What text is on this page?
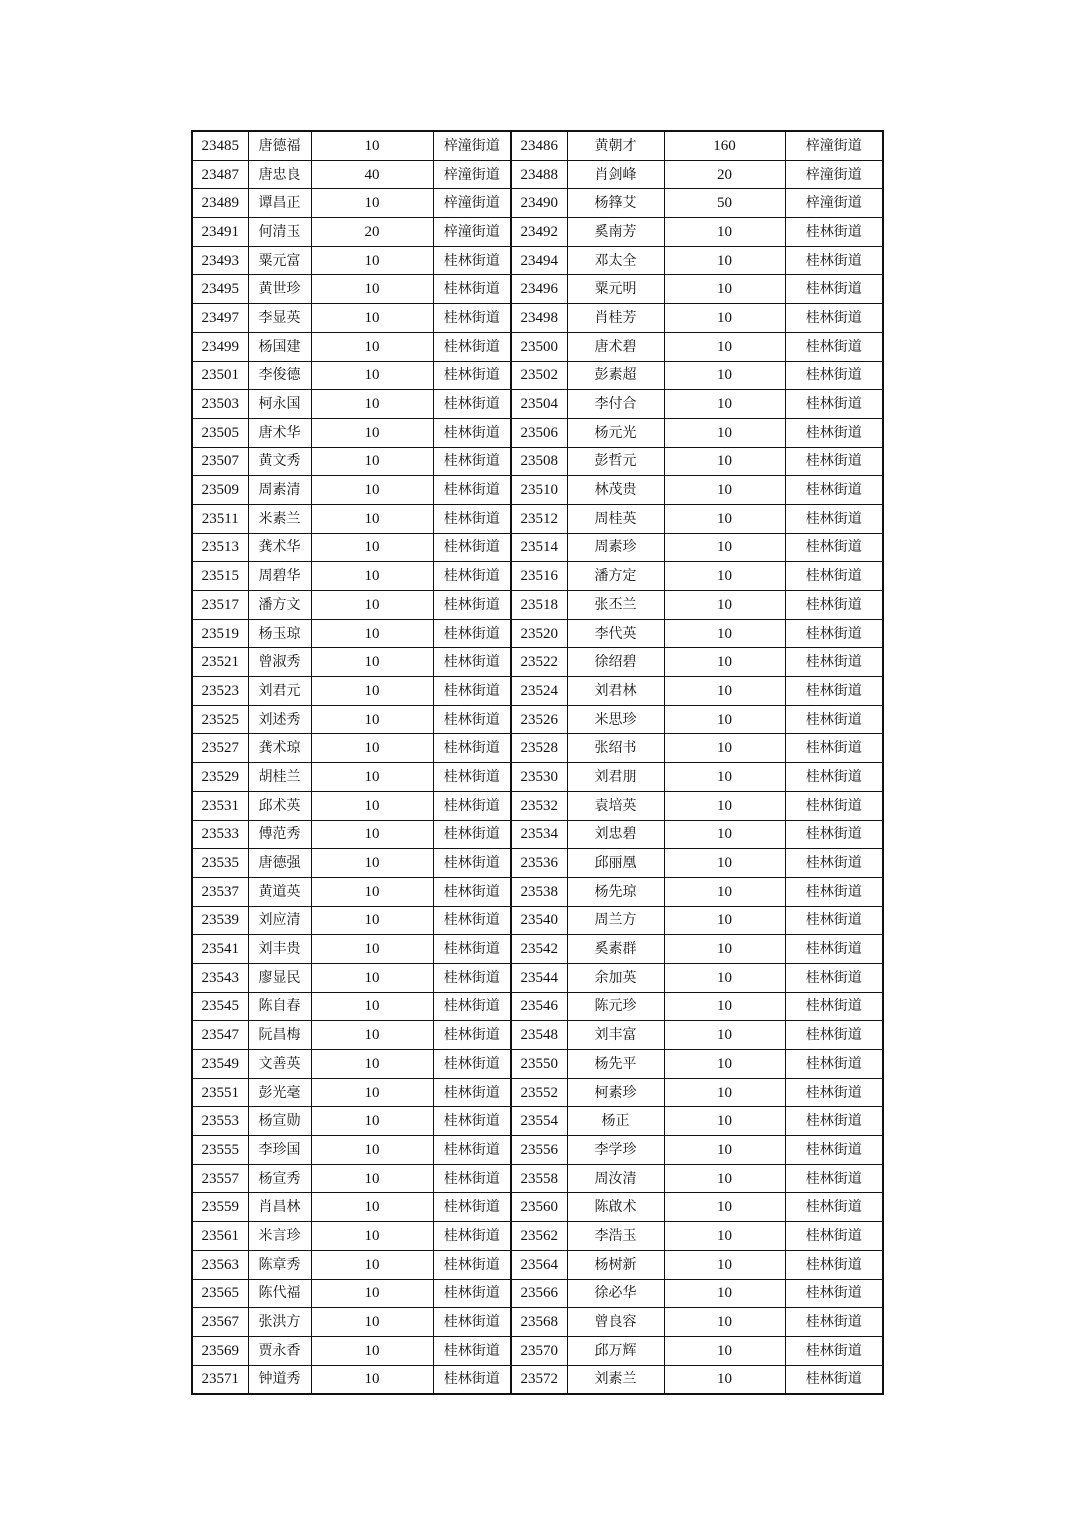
23485	唐德福	10	梓潼街道	23486	黄朝才	160	梓潼街道
23487	唐忠良	40	梓潼街道	23488	肖剑峰	20	梓潼街道
23489	谭昌正	10	梓潼街道	23490	杨箨艾	50	梓潼街道
23491	何清玉	20	梓潼街道	23492	奚南芳	10	桂林街道
23493	粟元富	10	桂林街道	23494	邓太全	10	桂林街道
23495	黄世珍	10	桂林街道	23496	粟元明	10	桂林街道
23497	李显英	10	桂林街道	23498	肖桂芳	10	桂林街道
23499	杨国建	10	桂林街道	23500	唐术碧	10	桂林街道
23501	李俊德	10	桂林街道	23502	彭素超	10	桂林街道
23503	柯永国	10	桂林街道	23504	李付合	10	桂林街道
23505	唐术华	10	桂林街道	23506	杨元光	10	桂林街道
23507	黄文秀	10	桂林街道	23508	彭哲元	10	桂林街道
23509	周素清	10	桂林街道	23510	林茂贵	10	桂林街道
23511	米素兰	10	桂林街道	23512	周桂英	10	桂林街道
23513	龚术华	10	桂林街道	23514	周素珍	10	桂林街道
23515	周碧华	10	桂林街道	23516	潘方定	10	桂林街道
23517	潘方文	10	桂林街道	23518	张丕兰	10	桂林街道
23519	杨玉琼	10	桂林街道	23520	李代英	10	桂林街道
23521	曾淑秀	10	桂林街道	23522	徐绍碧	10	桂林街道
23523	刘君元	10	桂林街道	23524	刘君林	10	桂林街道
23525	刘述秀	10	桂林街道	23526	米思珍	10	桂林街道
23527	龚术琼	10	桂林街道	23528	张绍书	10	桂林街道
23529	胡桂兰	10	桂林街道	23530	刘君朋	10	桂林街道
23531	邱术英	10	桂林街道	23532	袁培英	10	桂林街道
23533	傅范秀	10	桂林街道	23534	刘忠碧	10	桂林街道
23535	唐德强	10	桂林街道	23536	邱丽凰	10	桂林街道
23537	黄道英	10	桂林街道	23538	杨先琼	10	桂林街道
23539	刘应清	10	桂林街道	23540	周兰方	10	桂林街道
23541	刘丰贵	10	桂林街道	23542	奚素群	10	桂林街道
23543	廖显民	10	桂林街道	23544	余加英	10	桂林街道
23545	陈自春	10	桂林街道	23546	陈元珍	10	桂林街道
23547	阮昌梅	10	桂林街道	23548	刘丰富	10	桂林街道
23549	文善英	10	桂林街道	23550	杨先平	10	桂林街道
23551	彭光毫	10	桂林街道	23552	柯素珍	10	桂林街道
23553	杨宣勋	10	桂林街道	23554	杨正	10	桂林街道
23555	李珍国	10	桂林街道	23556	李学珍	10	桂林街道
23557	杨宣秀	10	桂林街道	23558	周汝清	10	桂林街道
23559	肖昌林	10	桂林街道	23560	陈啟术	10	桂林街道
23561	米言珍	10	桂林街道	23562	李浩玉	10	桂林街道
23563	陈章秀	10	桂林街道	23564	杨树新	10	桂林街道
23565	陈代福	10	桂林街道	23566	徐必华	10	桂林街道
23567	张洪方	10	桂林街道	23568	曾良容	10	桂林街道
23569	贾永香	10	桂林街道	23570	邱万辉	10	桂林街道
23571	钟道秀	10	桂林街道	23572	刘素兰	10	桂林街道
